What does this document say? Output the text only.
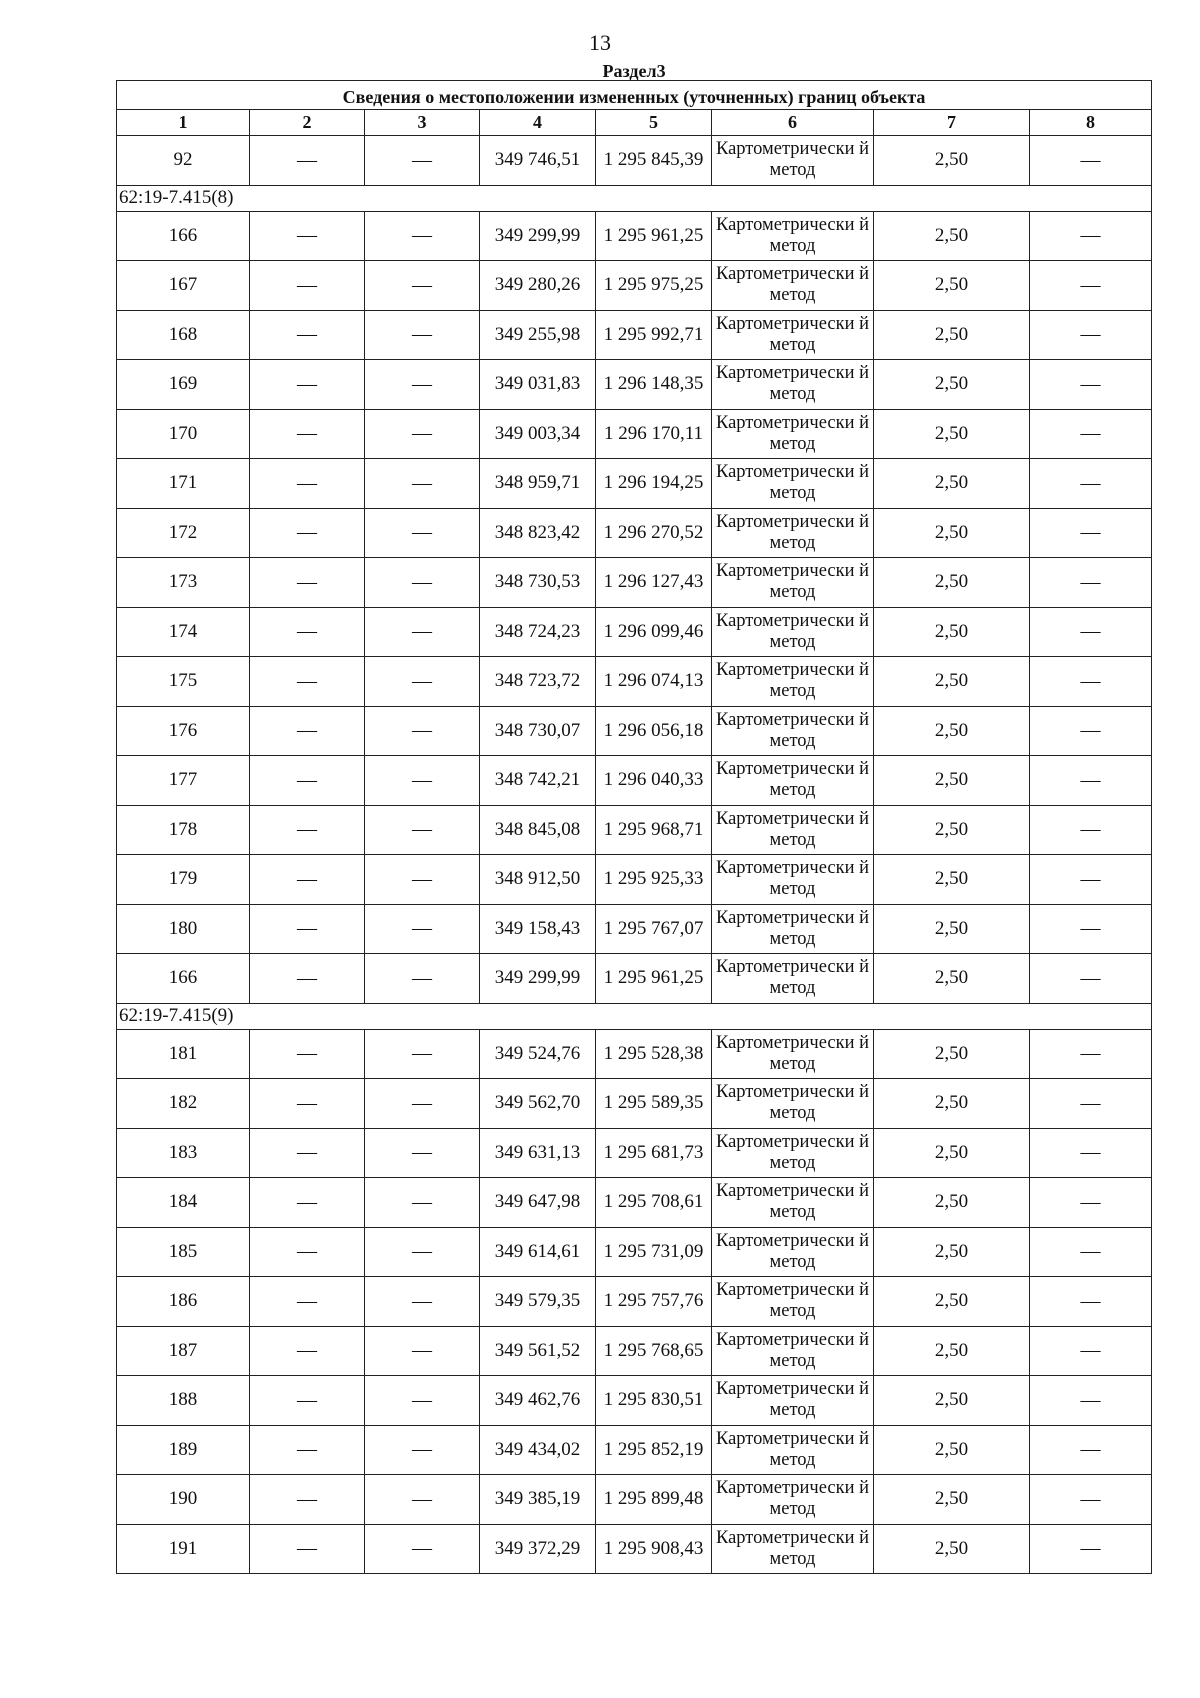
13
Раздел3							
Сведения о местоположении измененных (уточненных) границ объекта							
1	2	3	4	5	6	7	8
92	—	—	349 746,51	1 295 845,39	Картометрически й метод	2,50	—
62:19-7.415(8)							
166	—	—	349 299,99	1 295 961,25	Картометрически й метод	2,50	—
167	—	—	349 280,26	1 295 975,25	Картометрически й метод	2,50	—
168	—	—	349 255,98	1 295 992,71	Картометрически й метод	2,50	—
169	—	—	349 031,83	1 296 148,35	Картометрически й метод	2,50	—
170	—	—	349 003,34	1 296 170,11	Картометрически й метод	2,50	—
171	—	—	348 959,71	1 296 194,25	Картометрически й метод	2,50	—
172	—	—	348 823,42	1 296 270,52	Картометрически й метод	2,50	—
173	—	—	348 730,53	1 296 127,43	Картометрически й метод	2,50	—
174	—	—	348 724,23	1 296 099,46	Картометрически й метод	2,50	—
175	—	—	348 723,72	1 296 074,13	Картометрически й метод	2,50	—
176	—	—	348 730,07	1 296 056,18	Картометрически й метод	2,50	—
177	—	—	348 742,21	1 296 040,33	Картометрически й метод	2,50	—
178	—	—	348 845,08	1 295 968,71	Картометрически й метод	2,50	—
179	—	—	348 912,50	1 295 925,33	Картометрически й метод	2,50	—
180	—	—	349 158,43	1 295 767,07	Картометрически й метод	2,50	—
166	—	—	349 299,99	1 295 961,25	Картометрически й метод	2,50	—
62:19-7.415(9)							
181	—	—	349 524,76	1 295 528,38	Картометрически й метод	2,50	—
182	—	—	349 562,70	1 295 589,35	Картометрически й метод	2,50	—
183	—	—	349 631,13	1 295 681,73	Картометрически й метод	2,50	—
184	—	—	349 647,98	1 295 708,61	Картометрически й метод	2,50	—
185	—	—	349 614,61	1 295 731,09	Картометрически й метод	2,50	—
186	—	—	349 579,35	1 295 757,76	Картометрически й метод	2,50	—
187	—	—	349 561,52	1 295 768,65	Картометрически й метод	2,50	—
188	—	—	349 462,76	1 295 830,51	Картометрически й метод	2,50	—
189	—	—	349 434,02	1 295 852,19	Картометрически й метод	2,50	—
190	—	—	349 385,19	1 295 899,48	Картометрически й метод	2,50	—
191	—	—	349 372,29	1 295 908,43	Картометрически й метод	2,50	—
